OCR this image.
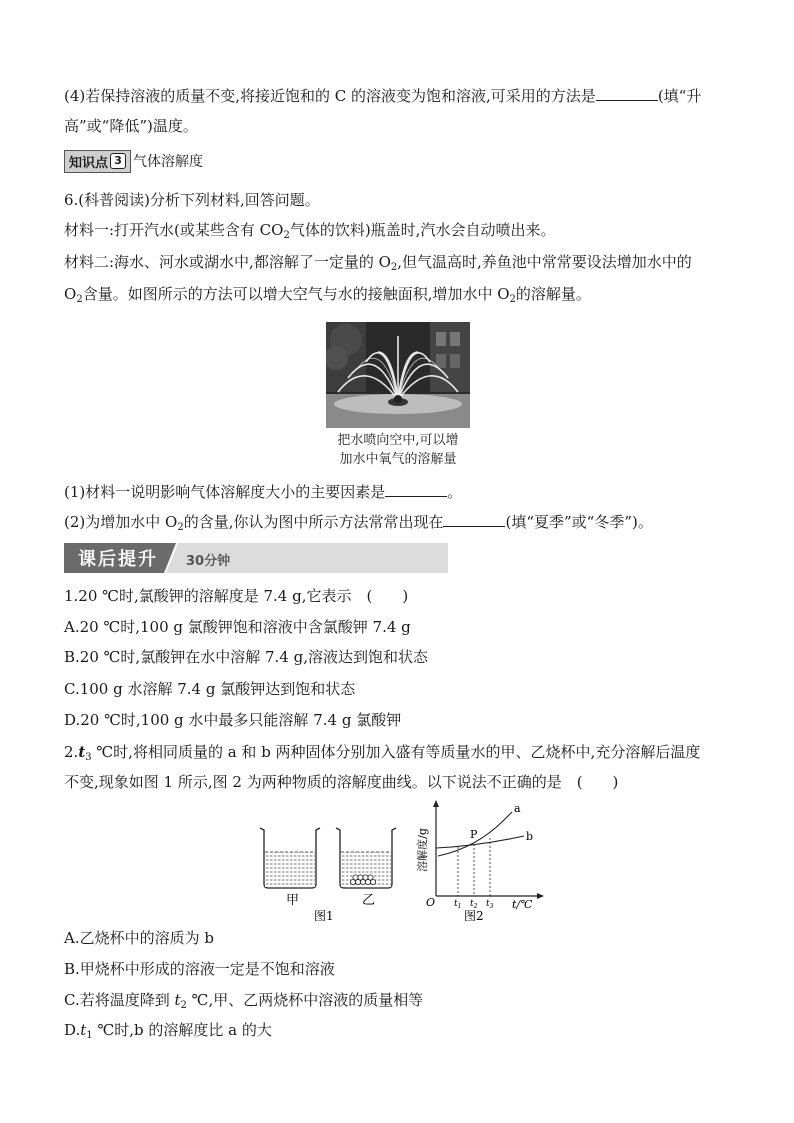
(4)若保持溶液的质量不变,将接近饱和的 C 的溶液变为饱和溶液,可采用的方法是	(填“升
高”或“降低”)温度。
知识点 3 气体溶解度
6.(科普阅读)分析下列材料,回答问题。
材料一:打开汽水(或某些含有 $CO_2$气体的饮料)瓶盖时,汽水会自动喷出来。
材料二:海水、河水或湖水中,都溶解了一定量的 $O_2$,但气温高时,养鱼池中常常要设法增加水中的
$O_2$含量。如图所示的方法可以增大空气与水的接触面积,增加水中 $O_2$的溶解量。
把水喷向空中,可以增
加水中氧气的溶解量
(1)材料一说明影响气体溶解度大小的主要因素是	。
(2)为增加水中 $O_2$的含量,你认为图中所示方法常常出现在	(填“夏季”或“冬季”)。
课后提升 30分钟
1.20 ℃时,氯酸钾的溶解度是 7.4 g,它表示  (　　)
A.20 ℃时,100 g 氯酸钾饱和溶液中含氯酸钾 7.4 g
B.20 ℃时,氯酸钾在水中溶解 7.4 g,溶液达到饱和状态
C.100 g 水溶解 7.4 g 氯酸钾达到饱和状态
D.20 ℃时,100 g 水中最多只能溶解 7.4 g 氯酸钾
$2.t_3$ ℃时,将相同质量的 a 和 b 两种固体分别加入盛有等质量水的甲、乙烧杯中,充分溶解后温度
不变,现象如图 1 所示,图 2 为两种物质的溶解度曲线。以下说法不正确的是  (　　)
甲	乙
图1
溶解度/g
O	t/℃
a
b
P
$t_1$ $t_2$ $t_3$
图2
A.乙烧杯中的溶质为 b
B.甲烧杯中形成的溶液一定是不饱和溶液
C.若将温度降到 $t_2$ ℃,甲、乙两烧杯中溶液的质量相等
$D.t_1$ ℃时,b 的溶解度比 a 的大
